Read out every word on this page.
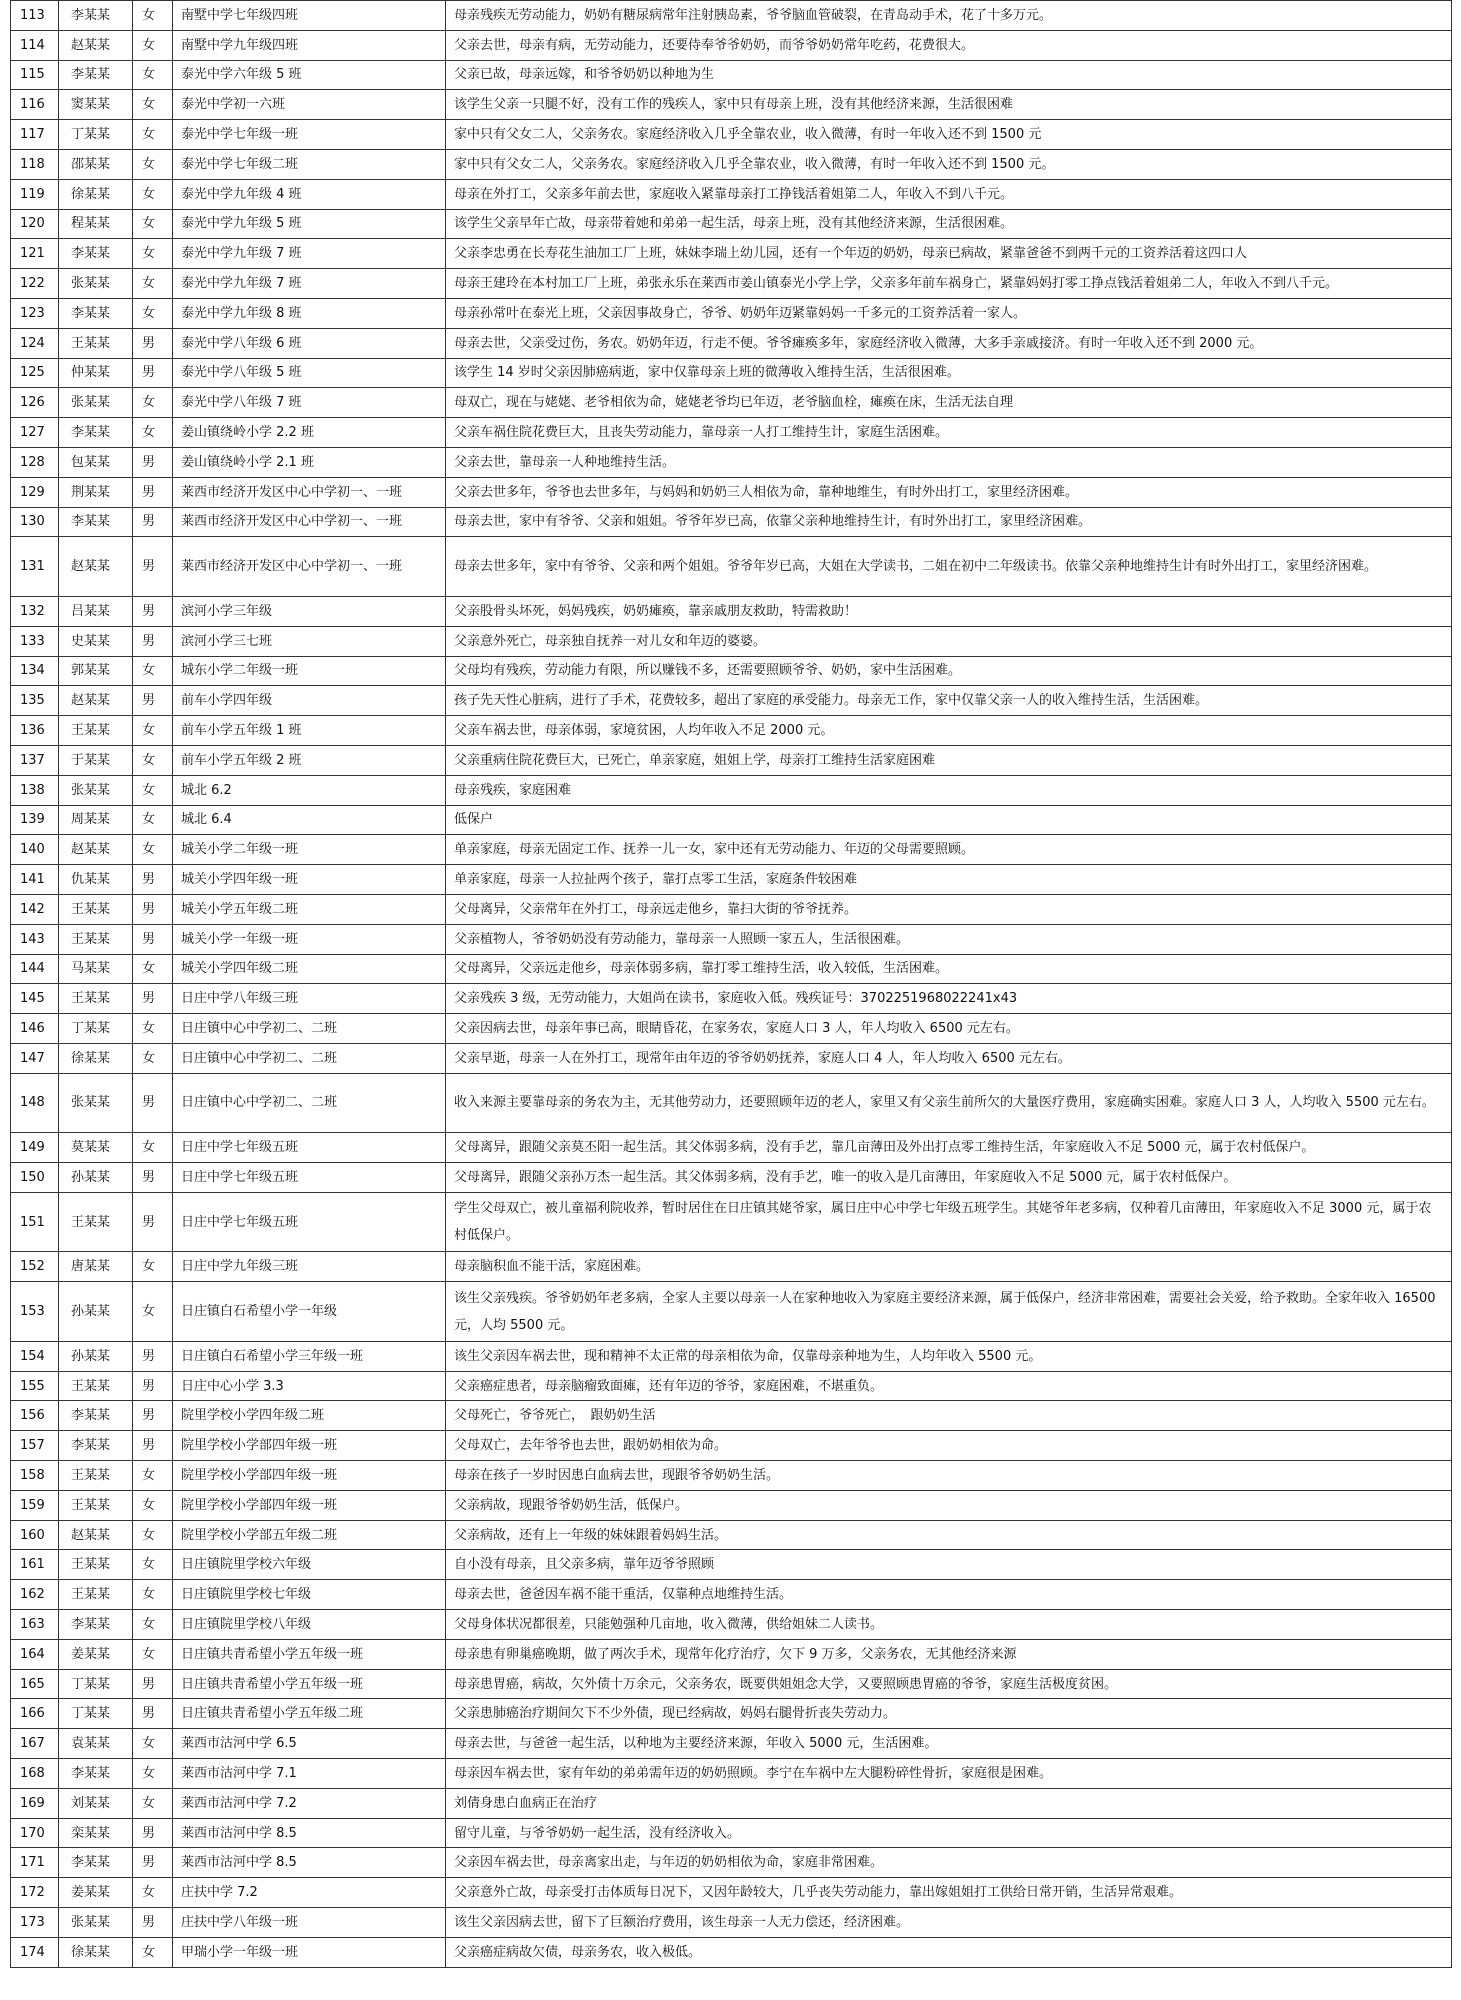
113	李某某	女	南墅中学七年级四班	母亲残疾无劳动能力，奶奶有糖尿病常年注射胰岛素，爷爷脑血管破裂，在青岛动手术，花了十多万元。
114	赵某某	女	南墅中学九年级四班	父亲去世，母亲有病，无劳动能力，还要侍奉爷爷奶奶，而爷爷奶奶常年吃药，花费很大。
115	李某某	女	泰光中学六年级 5 班	父亲已故，母亲远嫁，和爷爷奶奶以种地为生
116	窦某某	女	泰光中学初一六班	该学生父亲一只腿不好，没有工作的残疾人，家中只有母亲上班，没有其他经济来源，生活很困难
117	丁某某	女	泰光中学七年级一班	家中只有父女二人，父亲务农。家庭经济收入几乎全靠农业，收入微薄，有时一年收入还不到 1500 元
118	邵某某	女	泰光中学七年级二班	家中只有父女二人，父亲务农。家庭经济收入几乎全靠农业，收入微薄，有时一年收入还不到 1500 元。
119	徐某某	女	泰光中学九年级 4 班	母亲在外打工，父亲多年前去世，家庭收入紧靠母亲打工挣钱活着姐第二人，年收入不到八千元。
120	程某某	女	泰光中学九年级 5 班	该学生父亲早年亡故，母亲带着她和弟弟一起生活，母亲上班，没有其他经济来源，生活很困难。
121	李某某	女	泰光中学九年级 7 班	父亲李忠勇在长寿花生油加工厂上班，妹妹李瑞上幼儿园，还有一个年迈的奶奶，母亲已病故，紧靠爸爸不到两千元的工资养活着这四口人
122	张某某	女	泰光中学九年级 7 班	母亲王建玲在本村加工厂上班，弟张永乐在莱西市姜山镇泰光小学上学，父亲多年前车祸身亡，紧靠妈妈打零工挣点钱活着姐弟二人，年收入不到八千元。
123	李某某	女	泰光中学九年级 8 班	母亲孙常叶在泰光上班，父亲因事故身亡，爷爷、奶奶年迈紧靠妈妈一千多元的工资养活着一家人。
124	王某某	男	泰光中学八年级 6 班	母亲去世，父亲受过伤，务农。奶奶年迈，行走不便。爷爷瘫痪多年，家庭经济收入微薄，大多手亲戚接济。有时一年收入还不到 2000 元。
125	仲某某	男	泰光中学八年级 5 班	该学生 14 岁时父亲因肺癌病逝，家中仅靠母亲上班的微薄收入维持生活，生活很困难。
126	张某某	女	泰光中学八年级 7 班	母双亡，现在与姥姥、老爷相依为命，姥姥老爷均已年迈，老爷脑血栓，瘫痪在床，生活无法自理
127	李某某	女	姜山镇绕岭小学 2.2 班	父亲车祸住院花费巨大，且丧失劳动能力，靠母亲一人打工维持生计，家庭生活困难。
128	包某某	男	姜山镇绕岭小学 2.1 班	父亲去世，靠母亲一人种地维持生活。
129	荆某某	男	莱西市经济开发区中心中学初一、一班	父亲去世多年，爷爷也去世多年，与妈妈和奶奶三人相依为命，靠种地维生，有时外出打工，家里经济困难。
130	李某某	男	莱西市经济开发区中心中学初一、一班	母亲去世，家中有爷爷、父亲和姐姐。爷爷年岁已高，依靠父亲种地维持生计，有时外出打工，家里经济困难。
131	赵某某	男	莱西市经济开发区中心中学初一、一班	母亲去世多年，家中有爷爷、父亲和两个姐姐。爷爷年岁已高，大姐在大学读书，二姐在初中二年级读书。依靠父亲种地维持生计有时外出打工，家里经济困难。
132	吕某某	男	滨河小学三年级	父亲股骨头坏死，妈妈残疾，奶奶瘫痪，靠亲戚朋友救助，特需救助！
133	史某某	男	滨河小学三七班	父亲意外死亡，母亲独自抚养一对儿女和年迈的婆婆。
134	郭某某	女	城东小学二年级一班	父母均有残疾，劳动能力有限，所以赚钱不多，还需要照顾爷爷、奶奶，家中生活困难。
135	赵某某	男	前车小学四年级	孩子先天性心脏病，进行了手术，花费较多，超出了家庭的承受能力。母亲无工作，家中仅靠父亲一人的收入维持生活，生活困难。
136	王某某	女	前车小学五年级 1 班	父亲车祸去世，母亲体弱，家境贫困，人均年收入不足 2000 元。
137	于某某	女	前车小学五年级 2 班	父亲重病住院花费巨大，已死亡，单亲家庭，姐姐上学，母亲打工维持生活家庭困难
138	张某某	女	城北 6.2	母亲残疾，家庭困难
139	周某某	女	城北 6.4	低保户
140	赵某某	女	城关小学二年级一班	单亲家庭，母亲无固定工作、抚养一儿一女，家中还有无劳动能力、年迈的父母需要照顾。
141	仇某某	男	城关小学四年级一班	单亲家庭，母亲一人拉扯两个孩子，靠打点零工生活，家庭条件较困难
142	王某某	男	城关小学五年级二班	父母离异，父亲常年在外打工，母亲远走他乡，靠扫大街的爷爷抚养。
143	王某某	男	城关小学一年级一班	父亲植物人，爷爷奶奶没有劳动能力，靠母亲一人照顾一家五人，生活很困难。
144	马某某	女	城关小学四年级二班	父母离异，父亲远走他乡，母亲体弱多病，靠打零工维持生活，收入较低，生活困难。
145	王某某	男	日庄中学八年级三班	父亲残疾 3 级，无劳动能力，大姐尚在读书，家庭收入低。残疾证号：3702251968022241x43
146	丁某某	女	日庄镇中心中学初二、二班	父亲因病去世，母亲年事已高，眼睛昏花，在家务农，家庭人口 3 人，年人均收入 6500 元左右。
147	徐某某	女	日庄镇中心中学初二、二班	父亲早逝，母亲一人在外打工，现常年由年迈的爷爷奶奶抚养，家庭人口 4 人，年人均收入 6500 元左右。
148	张某某	男	日庄镇中心中学初二、二班	收入来源主要靠母亲的务农为主，无其他劳动力，还要照顾年迈的老人，家里又有父亲生前所欠的大量医疗费用，家庭确实困难。家庭人口 3 人，人均收入 5500 元左右。
149	莫某某	女	日庄中学七年级五班	父母离异，跟随父亲莫丕阳一起生活。其父体弱多病，没有手艺，靠几亩薄田及外出打点零工维持生活，年家庭收入不足 5000 元，属于农村低保户。
150	孙某某	男	日庄中学七年级五班	父母离异，跟随父亲孙万杰一起生活。其父体弱多病，没有手艺，唯一的收入是几亩薄田，年家庭收入不足 5000 元，属于农村低保户。
151	王某某	男	日庄中学七年级五班	学生父母双亡，被儿童福利院收养，暂时居住在日庄镇其姥爷家，属日庄中心中学七年级五班学生。其姥爷年老多病，仅种着几亩薄田，年家庭收入不足 3000 元，属于农村低保户。
152	唐某某	女	日庄中学九年级三班	母亲脑积血不能干活，家庭困难。
153	孙某某	女	日庄镇白石希望小学一年级	该生父亲残疾。爷爷奶奶年老多病，全家人主要以母亲一人在家种地收入为家庭主要经济来源，属于低保户，经济非常困难，需要社会关爱，给予救助。全家年收入 16500 元，人均 5500 元。
154	孙某某	男	日庄镇白石希望小学三年级一班	该生父亲因车祸去世，现和精神不太正常的母亲相依为命，仅靠母亲种地为生，人均年收入 5500 元。
155	王某某	男	日庄中心小学 3.3	父亲癌症患者，母亲脑瘤致面瘫，还有年迈的爷爷，家庭困难，不堪重负。
156	李某某	男	院里学校小学四年级二班	父母死亡，爷爷死亡，　跟奶奶生活
157	李某某	男	院里学校小学部四年级一班	父母双亡，去年爷爷也去世，跟奶奶相依为命。
158	王某某	女	院里学校小学部四年级一班	母亲在孩子一岁时因患白血病去世，现跟爷爷奶奶生活。
159	王某某	女	院里学校小学部四年级一班	父亲病故，现跟爷爷奶奶生活，低保户。
160	赵某某	女	院里学校小学部五年级二班	父亲病故，还有上一年级的妹妹跟着妈妈生活。
161	王某某	女	日庄镇院里学校六年级	自小没有母亲，且父亲多病，靠年迈爷爷照顾
162	王某某	女	日庄镇院里学校七年级	母亲去世，爸爸因车祸不能干重活，仅靠种点地维持生活。
163	李某某	女	日庄镇院里学校八年级	父母身体状况都很差，只能勉强种几亩地，收入微薄，供给姐妹二人读书。
164	姜某某	女	日庄镇共青希望小学五年级一班	母亲患有卵巢癌晚期，做了两次手术，现常年化疗治疗，欠下 9 万多，父亲务农，无其他经济来源
165	丁某某	男	日庄镇共青希望小学五年级一班	母亲患胃癌，病故，欠外债十万余元，父亲务农，既要供姐姐念大学，又要照顾患胃癌的爷爷，家庭生活极度贫困。
166	丁某某	男	日庄镇共青希望小学五年级二班	父亲患肺癌治疗期间欠下不少外债，现已经病故，妈妈右腿骨折丧失劳动力。
167	袁某某	女	莱西市沽河中学 6.5	母亲去世，与爸爸一起生活，以种地为主要经济来源，年收入 5000 元，生活困难。
168	李某某	女	莱西市沽河中学 7.1	母亲因车祸去世，家有年幼的弟弟需年迈的奶奶照顾。李宁在车祸中左大腿粉碎性骨折，家庭很是困难。
169	刘某某	女	莱西市沽河中学 7.2	刘倩身患白血病正在治疗
170	栾某某	男	莱西市沽河中学 8.5	留守儿童，与爷爷奶奶一起生活，没有经济收入。
171	李某某	男	莱西市沽河中学 8.5	父亲因车祸去世，母亲离家出走，与年迈的奶奶相依为命，家庭非常困难。
172	姜某某	女	庄扶中学 7.2	父亲意外亡故，母亲受打击体质每日况下，又因年龄较大，几乎丧失劳动能力，靠出嫁姐姐打工供给日常开销，生活异常艰难。
173	张某某	男	庄扶中学八年级一班	该生父亲因病去世，留下了巨额治疗费用，该生母亲一人无力偿还，经济困难。
174	徐某某	女	甲瑞小学一年级一班	父亲癌症病故欠债，母亲务农，收入极低。
